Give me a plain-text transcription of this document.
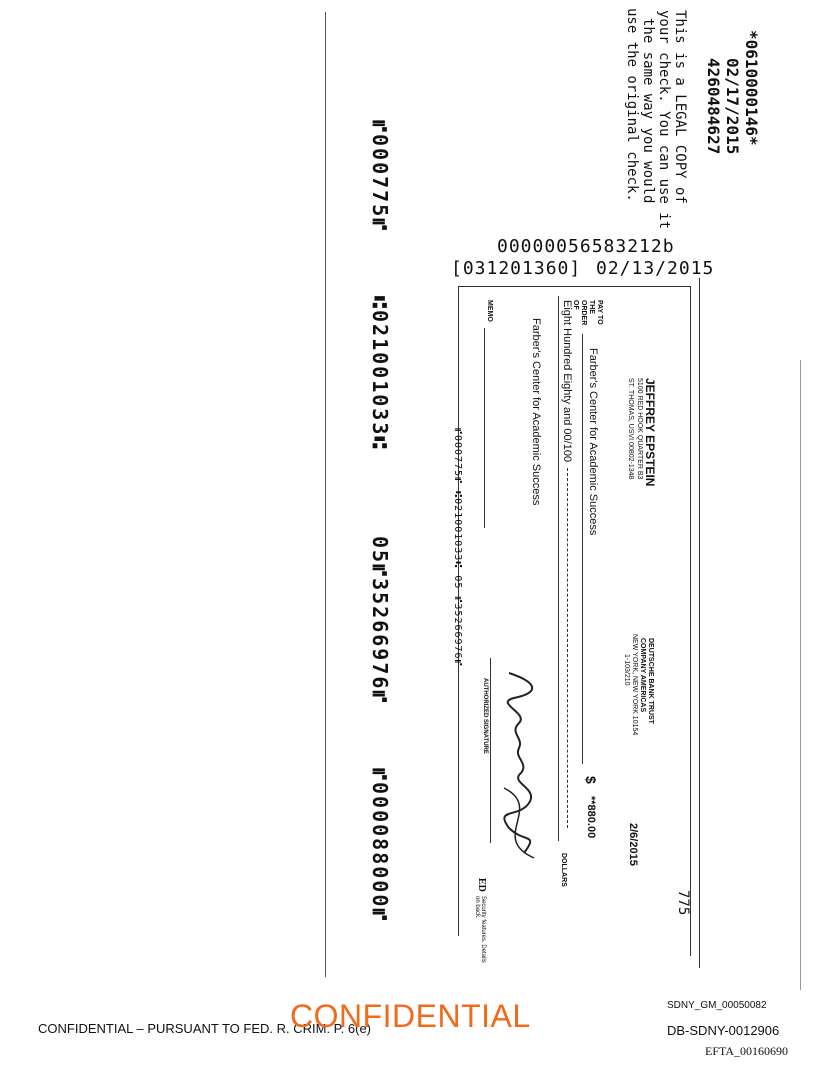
*0610000146*
02/17/2015
4260484627
This is a LEGAL COPY of
your check. You can use it
the same way you would
use the original check.
00000056583212b
[031201360] 02/13/2015
⑈000775⑈
⑆021001033⑆
05⑈35266976⑈
⑈000088000⑈	775
JEFFREY EPSTEIN
5100 RED HOOK QUARTER B3
ST. THOMAS, USVI 00802-1348
DEUTSCHE BANK TRUST
COMPANY AMERICAS
NEW YORK, NEW YORK 10154
1-103/210
2/6/2015
PAY TO THE ORDER OF
Farber's Center for Academic Success
$
**880.00
Eight Hundred Eighty and 00/100
DOLLARS
Farber's Center for Academic Success
AUTHORIZED SIGNATURE
MEMO
ED
Security features. Details on back.
⑈000775⑈ ⑆021001033⑆ 05 ⑈35266976⑈
CONFIDENTIAL – PURSUANT TO FED. R. CRIM. P. 6(e)
CONFIDENTIAL	SDNY_GM_00050082
DB-SDNY-0012906
EFTA_00160690
